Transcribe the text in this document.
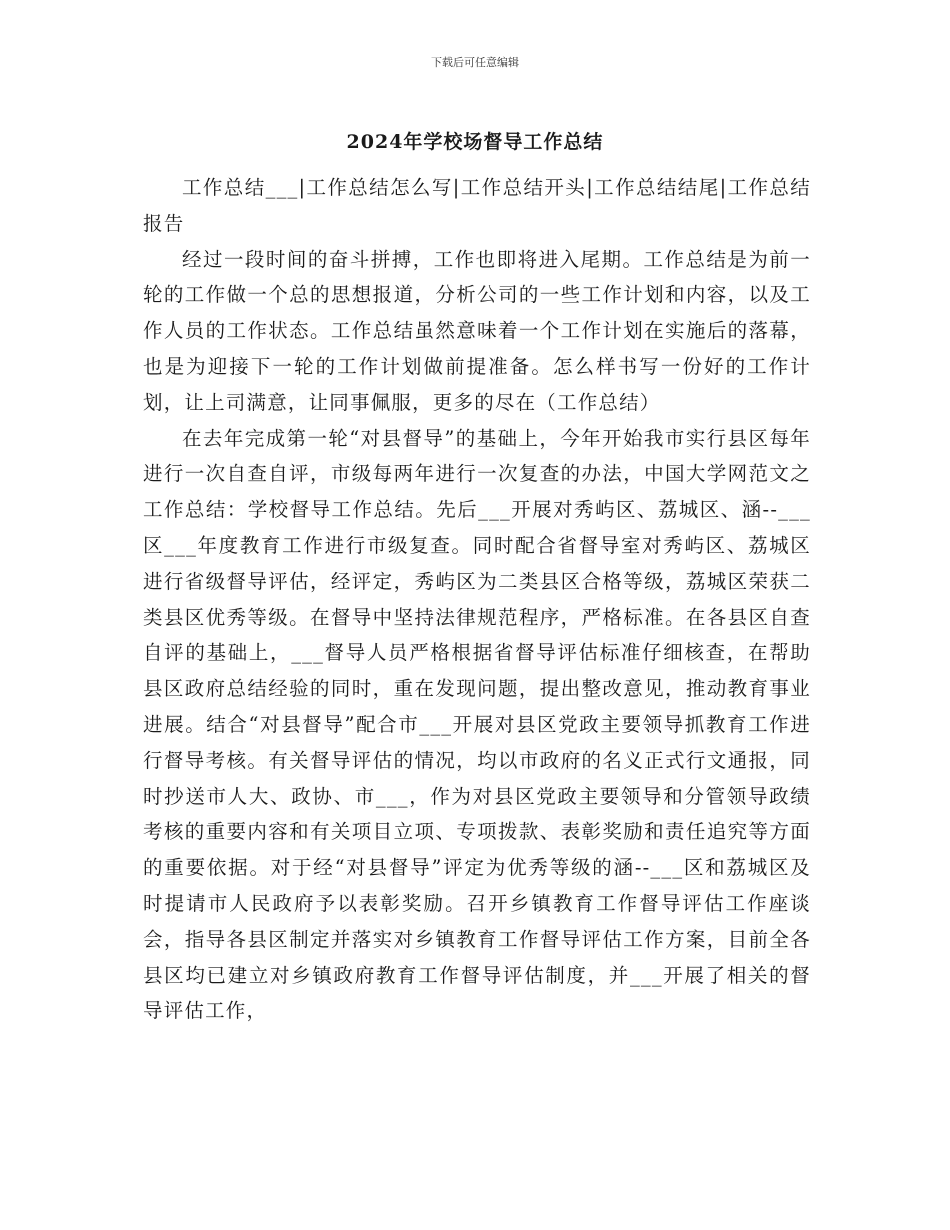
下载后可任意编辑
2024年学校场督导工作总结

工作总结___|工作总结怎么写|工作总结开头|工作总结结尾|工作总结报告

经过一段时间的奋斗拼搏，工作也即将进入尾期。工作总结是为前一轮的工作做一个总的思想报道，分析公司的一些工作计划和内容，以及工作人员的工作状态。工作总结虽然意味着一个工作计划在实施后的落幕，也是为迎接下一轮的工作计划做前提准备。怎么样书写一份好的工作计划，让上司满意，让同事佩服，更多的尽在（工作总结）

在去年完成第一轮“对县督导”的基础上，今年开始我市实行县区每年进行一次自查自评，市级每两年进行一次复查的办法，中国大学网范文之工作总结：学校督导工作总结。先后___开展对秀屿区、荔城区、涵--___区___年度教育工作进行市级复查。同时配合省督导室对秀屿区、荔城区进行省级督导评估，经评定，秀屿区为二类县区合格等级，荔城区荣获二类县区优秀等级。在督导中坚持法律规范程序，严格标准。在各县区自查自评的基础上，___督导人员严格根据省督导评估标准仔细核查，在帮助县区政府总结经验的同时，重在发现问题，提出整改意见，推动教育事业进展。结合“对县督导”配合市___开展对县区党政主要领导抓教育工作进行督导考核。有关督导评估的情况，均以市政府的名义正式行文通报，同时抄送市人大、政协、市___，作为对县区党政主要领导和分管领导政绩考核的重要内容和有关项目立项、专项拨款、表彰奖励和责任追究等方面的重要依据。对于经“对县督导”评定为优秀等级的涵--___区和荔城区及时提请市人民政府予以表彰奖励。召开乡镇教育工作督导评估工作座谈会，指导各县区制定并落实对乡镇教育工作督导评估工作方案，目前全各县区均已建立对乡镇政府教育工作督导评估制度，并___开展了相关的督导评估工作，
